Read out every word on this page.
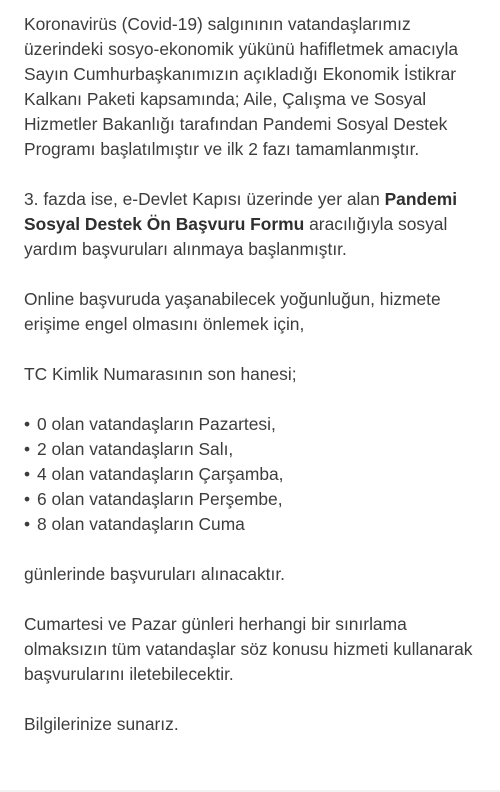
Koronavirüs (Covid-19) salgınının vatandaşlarımız üzerindeki sosyo-ekonomik yükünü hafifletmek amacıyla Sayın Cumhurbaşkanımızın açıkladığı Ekonomik İstikrar Kalkanı Paketi kapsamında; Aile, Çalışma ve Sosyal Hizmetler Bakanlığı tarafından Pandemi Sosyal Destek Programı başlatılmıştır ve ilk 2 fazı tamamlanmıştır.

3. fazda ise, e-Devlet Kapısı üzerinde yer alan Pandemi Sosyal Destek Ön Başvuru Formu aracılığıyla sosyal yardım başvuruları alınmaya başlanmıştır.

Online başvuruda yaşanabilecek yoğunluğun, hizmete erişime engel olmasını önlemek için,

TC Kimlik Numarasının son hanesi;

• 0 olan vatandaşların Pazartesi,
• 2 olan vatandaşların Salı,
• 4 olan vatandaşların Çarşamba,
• 6 olan vatandaşların Perşembe,
• 8 olan vatandaşların Cuma

günlerinde başvuruları alınacaktır.

Cumartesi ve Pazar günleri herhangi bir sınırlama olmaksızın tüm vatandaşlar söz konusu hizmeti kullanarak başvurularını iletebilecektir.

Bilgilerinize sunarız.
